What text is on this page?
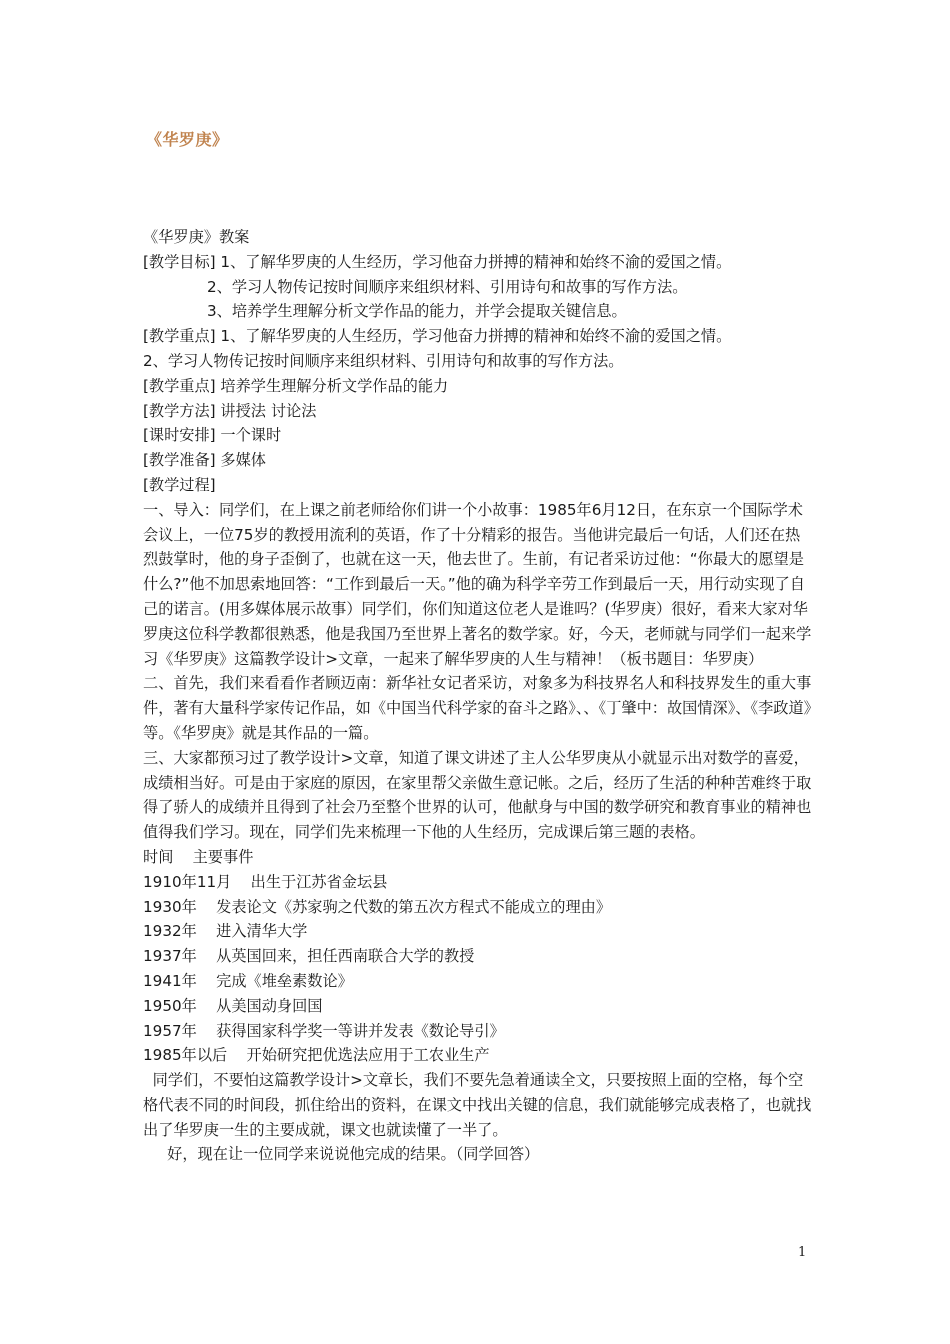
《华罗庚》

《华罗庚》教案

[教学目标] 1、了解华罗庚的人生经历，学习他奋力拼搏的精神和始终不渝的爱国之情。

2、学习人物传记按时间顺序来组织材料、引用诗句和故事的写作方法。

3、培养学生理解分析文学作品的能力，并学会提取关键信息。

[教学重点] 1、了解华罗庚的人生经历，学习他奋力拼搏的精神和始终不渝的爱国之情。

2、学习人物传记按时间顺序来组织材料、引用诗句和故事的写作方法。

[教学重点] 培养学生理解分析文学作品的能力

[教学方法] 讲授法 讨论法

[课时安排] 一个课时

[教学准备] 多媒体

[教学过程]

一、导入：同学们，在上课之前老师给你们讲一个小故事：1985年6月12日，在东京一个国际学术会议上，一位75岁的教授用流利的英语，作了十分精彩的报告。当他讲完最后一句话，人们还在热烈鼓掌时，他的身子歪倒了，也就在这一天，他去世了。生前，有记者采访过他：“你最大的愿望是什么?”他不加思索地回答：“工作到最后一天。”他的确为科学辛劳工作到最后一天，用行动实现了自己的诺言。(用多媒体展示故事）同学们，你们知道这位老人是谁吗？(华罗庚）很好，看来大家对华罗庚这位科学教都很熟悉，他是我国乃至世界上著名的数学家。好，今天，老师就与同学们一起来学习《华罗庚》这篇教学设计>文章，一起来了解华罗庚的人生与精神！（板书题目：华罗庚）

二、首先，我们来看看作者顾迈南：新华社女记者采访，对象多为科技界名人和科技界发生的重大事件，著有大量科学家传记作品，如《中国当代科学家的奋斗之路》、、《丁肇中：故国情深》、《李政道》等。《华罗庚》就是其作品的一篇。

三、大家都预习过了教学设计>文章，知道了课文讲述了主人公华罗庚从小就显示出对数学的喜爱，成绩相当好。可是由于家庭的原因，在家里帮父亲做生意记帐。之后，经历了生活的种种苦难终于取得了骄人的成绩并且得到了社会乃至整个世界的认可，他献身与中国的数学研究和教育事业的精神也值得我们学习。现在，同学们先来梳理一下他的人生经历，完成课后第三题的表格。

时间    主要事件

1910年11月    出生于江苏省金坛县

1930年    发表论文《苏家驹之代数的第五次方程式不能成立的理由》

1932年    进入清华大学

1937年    从英国回来，担任西南联合大学的教授

1941年    完成《堆垒素数论》

1950年    从美国动身回国

1957年    获得国家科学奖一等讲并发表《数论导引》

1985年以后    开始研究把优选法应用于工农业生产

同学们，不要怕这篇教学设计>文章长，我们不要先急着通读全文，只要按照上面的空格，每个空格代表不同的时间段，抓住给出的资料，在课文中找出关键的信息，我们就能够完成表格了，也就找出了华罗庚一生的主要成就，课文也就读懂了一半了。

好，现在让一位同学来说说他完成的结果。（同学回答）

1
